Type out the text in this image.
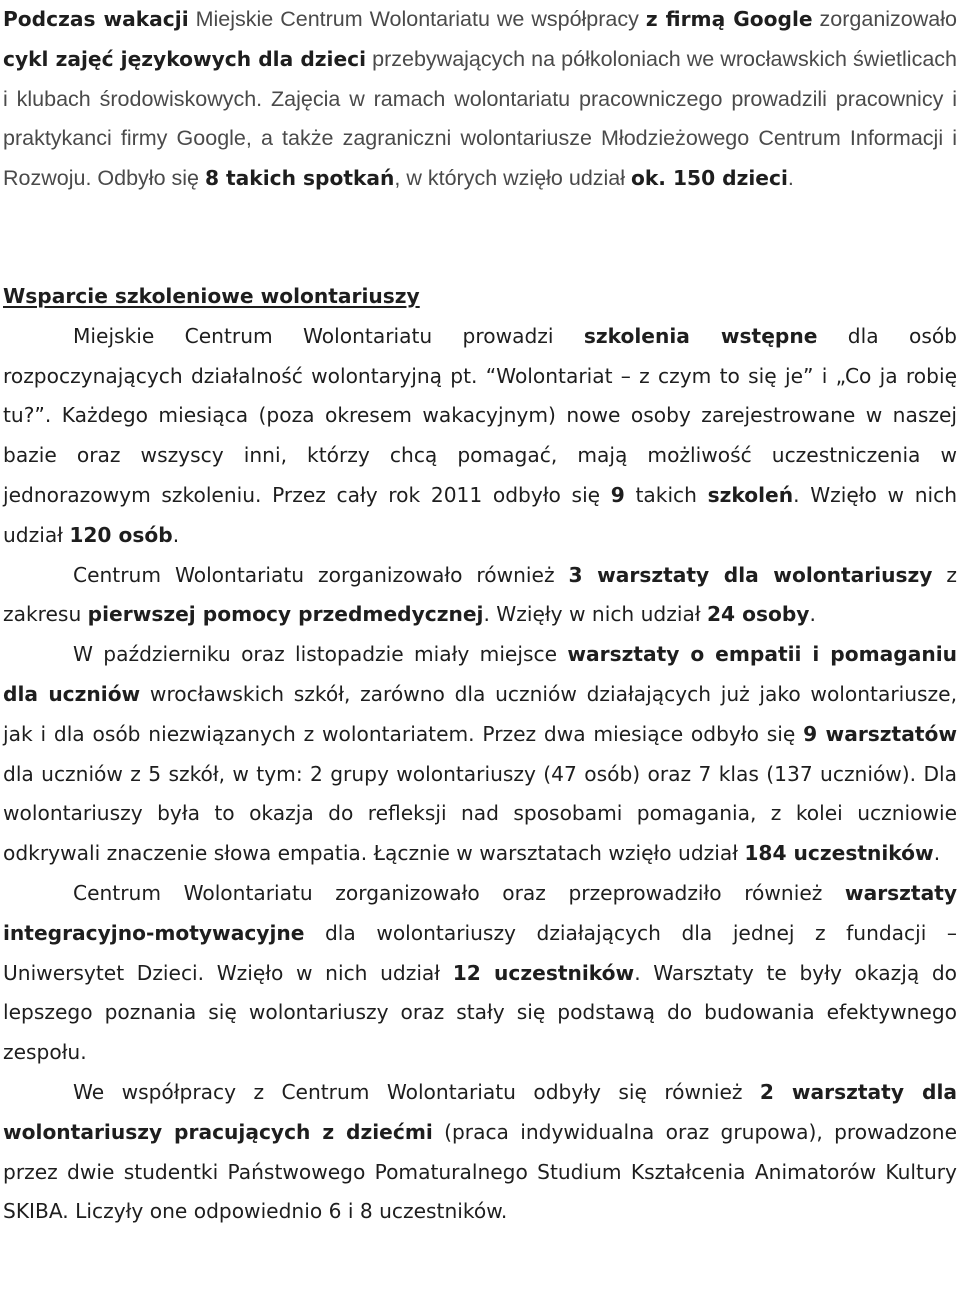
Podczas wakacji Miejskie Centrum Wolontariatu we współpracy z firmą Google zorganizowało cykl zajęć językowych dla dzieci przebywających na półkoloniach we wrocławskich świetlicach i klubach środowiskowych. Zajęcia w ramach wolontariatu pracowniczego prowadzili pracownicy i praktykanci firmy Google, a także zagraniczni wolontariusze Młodzieżowego Centrum Informacji i Rozwoju. Odbyło się 8 takich spotkań, w których wzięło udział ok. 150 dzieci.

Wsparcie szkoleniowe wolontariuszy

Miejskie Centrum Wolontariatu prowadzi szkolenia wstępne dla osób rozpoczynających działalność wolontaryjną pt. “Wolontariat – z czym to się je” i „Co ja robię tu?”. Każdego miesiąca (poza okresem wakacyjnym) nowe osoby zarejestrowane w naszej bazie oraz wszyscy inni, którzy chcą pomagać, mają możliwość uczestniczenia w jednorazowym szkoleniu. Przez cały rok 2011 odbyło się 9 takich szkoleń. Wzięło w nich udział 120 osób.

Centrum Wolontariatu zorganizowało również 3 warsztaty dla wolontariuszy z zakresu pierwszej pomocy przedmedycznej. Wzięły w nich udział 24 osoby.

W październiku oraz listopadzie miały miejsce warsztaty o empatii i pomaganiu dla uczniów wrocławskich szkół, zarówno dla uczniów działających już jako wolontariusze, jak i dla osób niezwiązanych z wolontariatem. Przez dwa miesiące odbyło się 9 warsztatów dla uczniów z 5 szkół, w tym: 2 grupy wolontariuszy (47 osób) oraz 7 klas (137 uczniów). Dla wolontariuszy była to okazja do refleksji nad sposobami pomagania, z kolei uczniowie odkrywali znaczenie słowa empatia. Łącznie w warsztatach wzięło udział 184 uczestników.

Centrum Wolontariatu zorganizowało oraz przeprowadziło również warsztaty integracyjno-motywacyjne dla wolontariuszy działających dla jednej z fundacji – Uniwersytet Dzieci. Wzięło w nich udział 12 uczestników. Warsztaty te były okazją do lepszego poznania się wolontariuszy oraz stały się podstawą do budowania efektywnego zespołu.

We współpracy z Centrum Wolontariatu odbyły się również 2 warsztaty dla wolontariuszy pracujących z dziećmi (praca indywidualna oraz grupowa), prowadzone przez dwie studentki Państwowego Pomaturalnego Studium Kształcenia Animatorów Kultury SKIBA. Liczyły one odpowiednio 6 i 8 uczestników.
